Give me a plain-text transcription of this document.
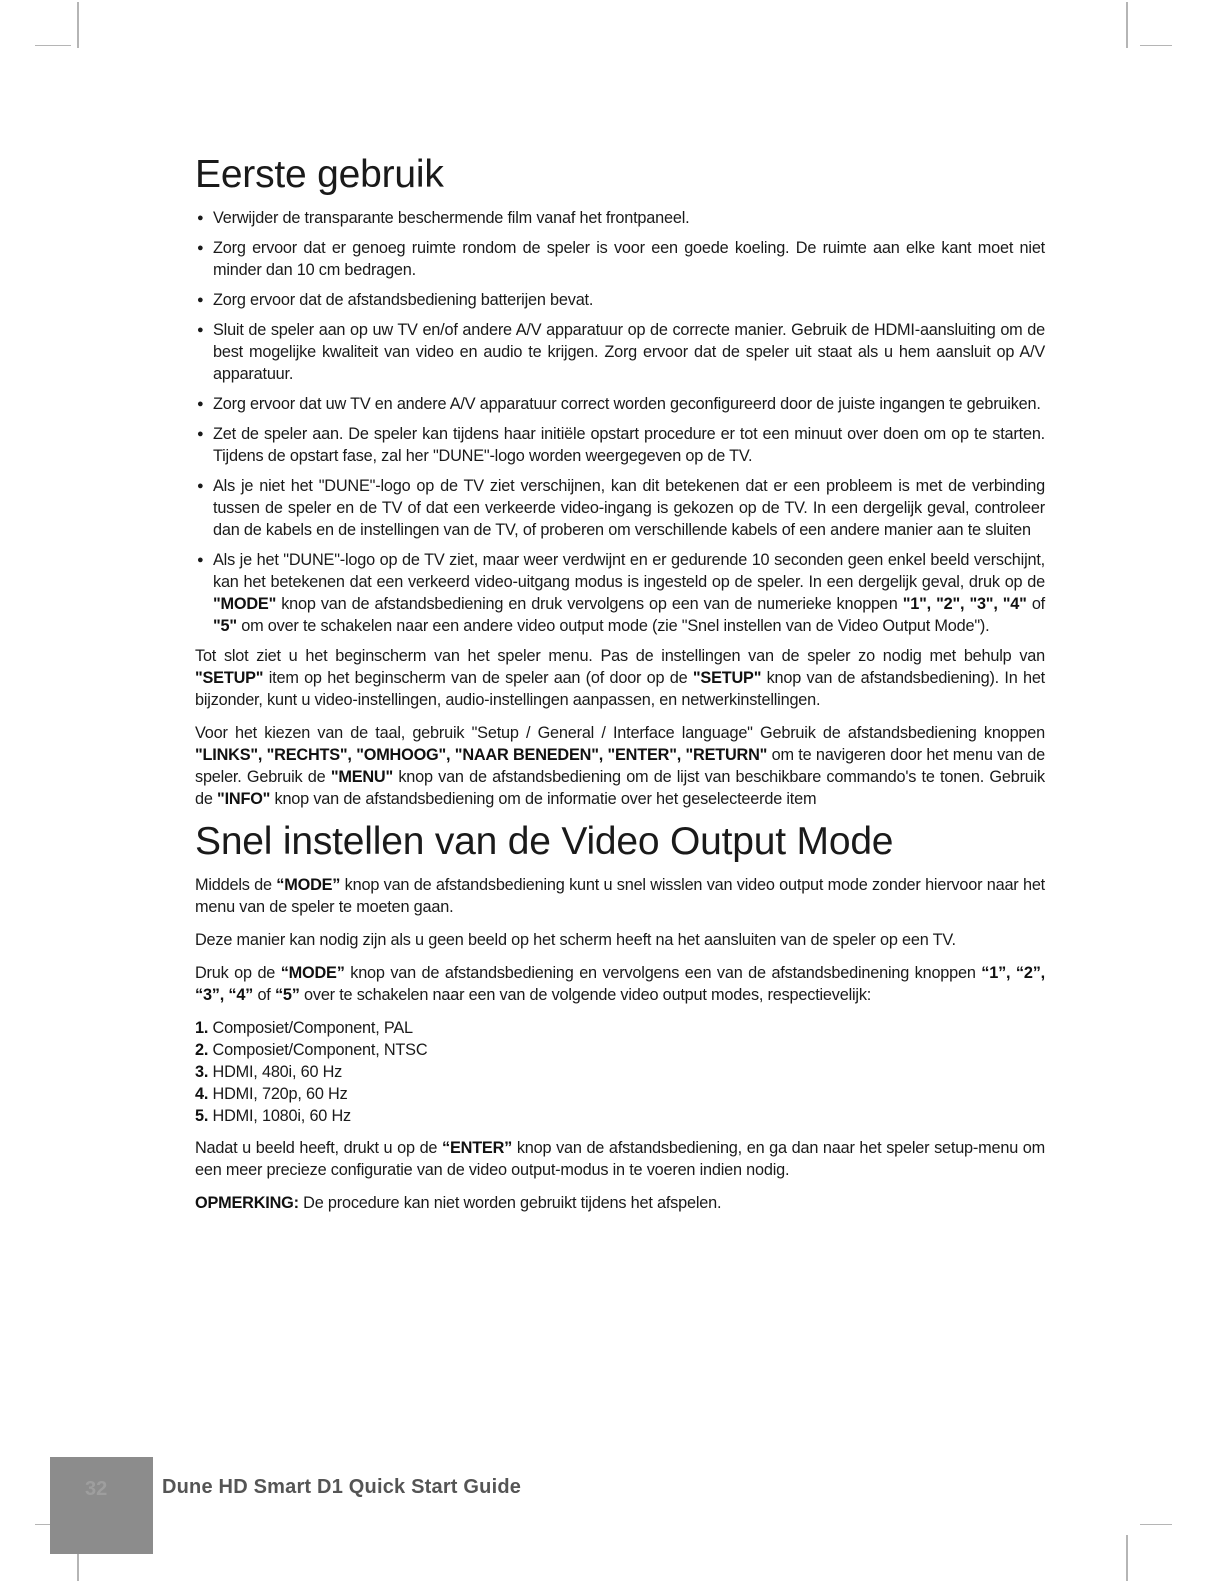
Eerste gebruik
● Verwijder de transparante beschermende film vanaf het frontpaneel.
● Zorg ervoor dat er genoeg ruimte rondom de speler is voor een goede koeling. De ruimte aan elke kant moet niet minder dan 10 cm bedragen.
● Zorg ervoor dat de afstandsbediening batterijen bevat.
● Sluit de speler aan op uw TV en/of andere A/V apparatuur op de correcte manier. Gebruik de HDMI-aansluiting om de best mogelijke kwaliteit van video en audio te krijgen. Zorg ervoor dat de speler uit staat als u hem aansluit op A/V apparatuur.
● Zorg ervoor dat uw TV en andere A/V apparatuur correct worden geconfigureerd door de juiste ingangen te gebruiken.
● Zet de speler aan. De speler kan tijdens haar initiële opstart procedure er tot een minuut over doen om op te starten. Tijdens de opstart fase, zal her "DUNE"-logo worden weergegeven op de TV.
● Als je niet het "DUNE"-logo op de TV ziet verschijnen, kan dit betekenen dat er een probleem is met de verbinding tussen de speler en de TV of dat een verkeerde video-ingang is gekozen op de TV. In een dergelijk geval, controleer dan de kabels en de instellingen van de TV, of proberen om verschillende kabels of een andere manier aan te sluiten
● Als je het "DUNE"-logo op de TV ziet, maar weer verdwijnt en er gedurende 10 seconden geen enkel beeld verschijnt, kan het betekenen dat een verkeerd video-uitgang modus is ingesteld op de speler. In een dergelijk geval, druk op de "MODE" knop van de afstandsbediening en druk vervolgens op een van de numerieke knoppen "1", "2", "3", "4" of "5" om over te schakelen naar een andere video output mode (zie "Snel instellen van de Video Output Mode").

Tot slot ziet u het beginscherm van het speler menu. Pas de instellingen van de speler zo nodig met behulp van "SETUP" item op het beginscherm van de speler aan (of door op de "SETUP" knop van de afstandsbediening). In het bijzonder, kunt u video-instellingen, audio-instellingen aanpassen, en netwerkinstellingen.

Voor het kiezen van de taal, gebruik "Setup / General / Interface language" Gebruik de afstandsbediening knoppen "LINKS", "RECHTS", "OMHOOG", "NAAR BENEDEN", "ENTER", "RETURN" om te navigeren door het menu van de speler. Gebruik de "MENU" knop van de afstandsbediening om de lijst van beschikbare commando's te tonen. Gebruik de "INFO" knop van de afstandsbediening om de informatie over het geselecteerde item

Snel instellen van de Video Output Mode

Middels de “MODE” knop van de afstandsbediening kunt u snel wisslen van video output mode zonder hiervoor naar het menu van de speler te moeten gaan.

Deze manier kan nodig zijn als u geen beeld op het scherm heeft na het aansluiten van de speler op een TV.

Druk op de “MODE” knop van de afstandsbediening en vervolgens een van de afstandsbedinening knoppen “1”, “2”, “3”, “4” of “5” over te schakelen naar een van de volgende video output modes, respectievelijk:

1. Composiet/Component, PAL
2. Composiet/Component, NTSC
3. HDMI, 480i, 60 Hz
4. HDMI, 720p, 60 Hz
5. HDMI, 1080i, 60 Hz

Nadat u beeld heeft, drukt u op de “ENTER” knop van de afstandsbediening, en ga dan naar het speler setup-menu om een meer precieze configuratie van de video output-modus in te voeren indien nodig.

OPMERKING: De procedure kan niet worden gebruikt tijdens het afspelen.

32	Dune HD Smart D1 Quick Start Guide
